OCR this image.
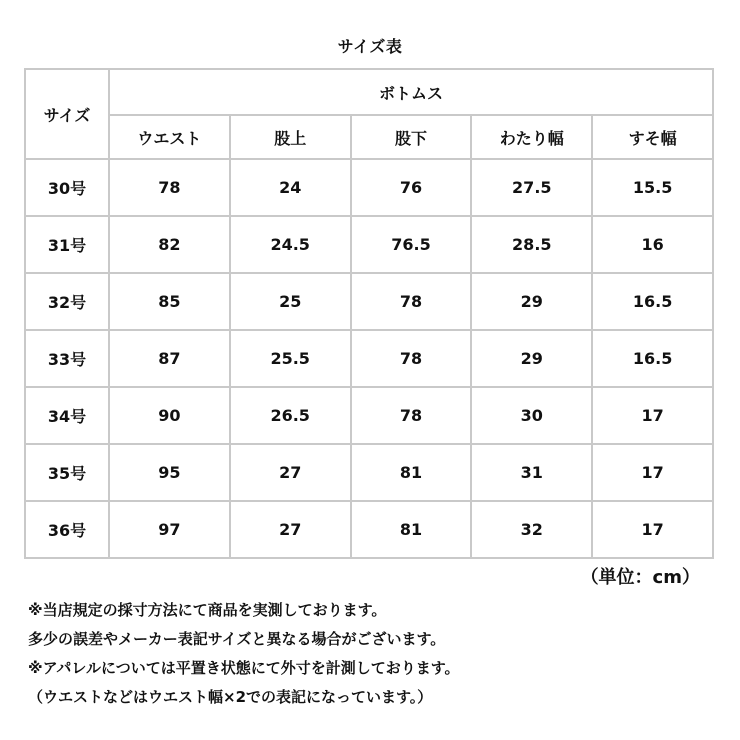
サイズ表
サイズ	ボトムス				
	ウエスト	股上	股下	わたり幅	すそ幅
30号	78	24	76	27.5	15.5
31号	82	24.5	76.5	28.5	16
32号	85	25	78	29	16.5
33号	87	25.5	78	29	16.5
34号	90	26.5	78	30	17
35号	95	27	81	31	17
36号	97	27	81	32	17
（単位：cm）
※当店規定の採寸方法にて商品を実測しております。
多少の誤差やメーカー表記サイズと異なる場合がございます。
※アパレルについては平置き状態にて外寸を計測しております。
（ウエストなどはウエスト幅×2での表記になっています。）
